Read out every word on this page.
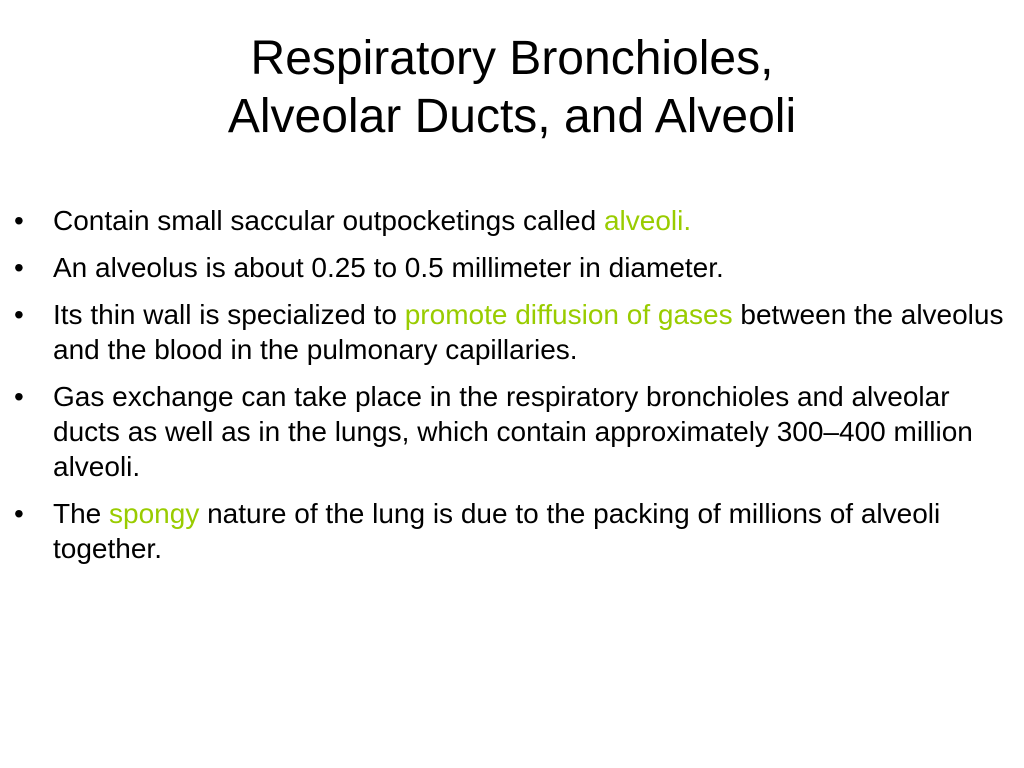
Respiratory Bronchioles,
Alveolar Ducts, and Alveoli
•	Contain small saccular outpocketings called alveoli.
•	An alveolus is about 0.25 to 0.5 millimeter in diameter.
•	Its thin wall is specialized to promote diffusion of gases between the alveolus and the blood in the pulmonary capillaries.
•	Gas exchange can take place in the respiratory bronchioles and alveolar ducts as well as in the lungs, which contain approximately 300–400 million alveoli.
•	The spongy nature of the lung is due to the packing of millions of alveoli together.
